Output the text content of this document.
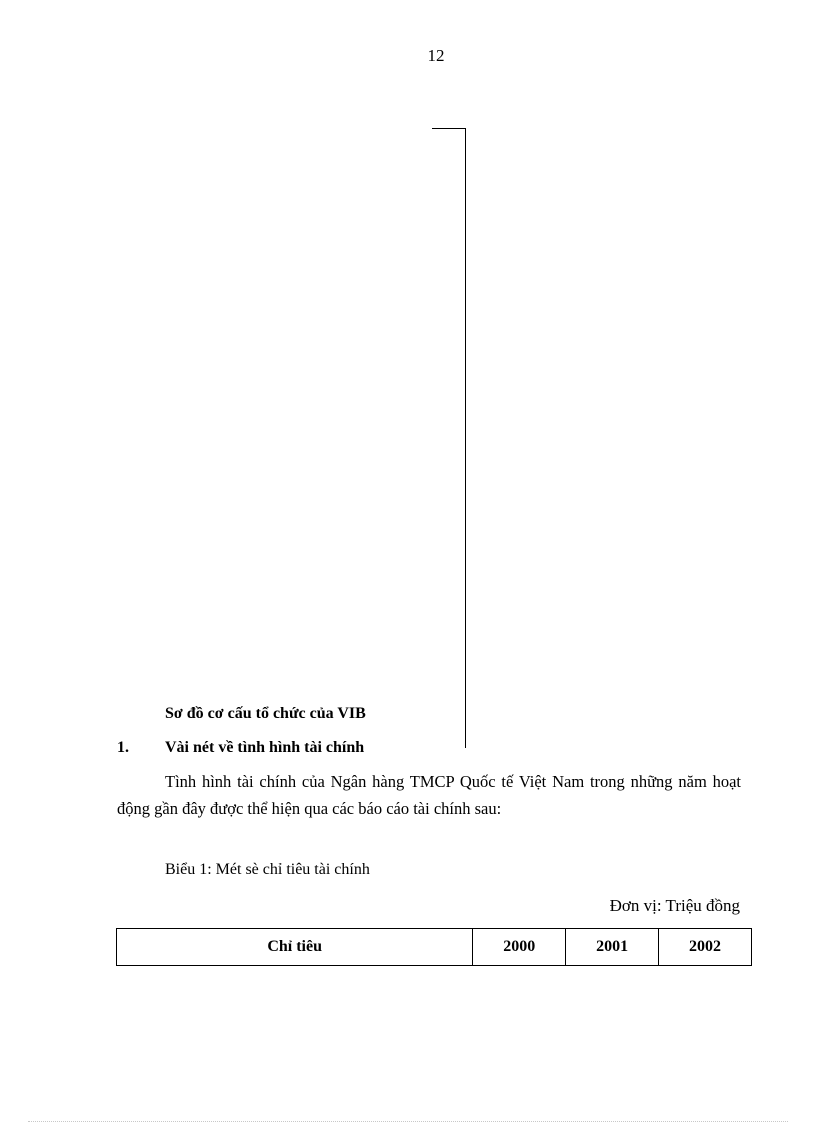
12
Sơ đồ cơ cấu tổ chức của VIB
1. Vài nét về tình hình tài chính

Tình hình tài chính của Ngân hàng TMCP Quốc tế Việt Nam trong những năm hoạt động gần đây được thể hiện qua các báo cáo tài chính sau:

Biểu 1: Mét sè chỉ tiêu tài chính
Đơn vị: Triệu đồng
Chỉ tiêu	2000	2001	2002
